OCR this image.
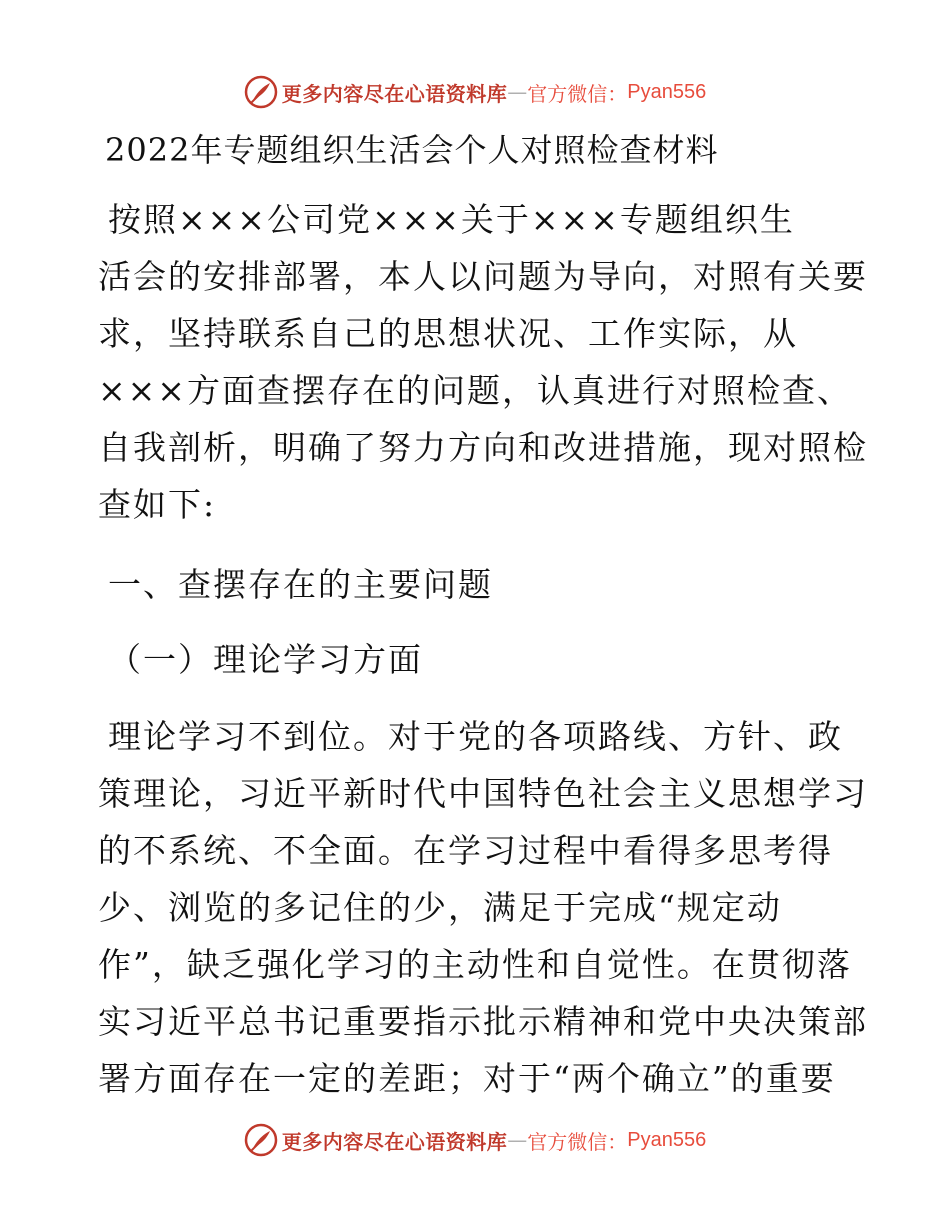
更多内容尽在心语资料库 — 官方微信： Pyan556
2022年专题组织生活会个人对照检查材料
按照×××公司党×××关于×××专题组织生
活会的安排部署，本人以问题为导向，对照有关要
求，坚持联系自己的思想状况、工作实际，从
×××方面查摆存在的问题，认真进行对照检查、
自我剖析，明确了努力方向和改进措施，现对照检
查如下:
一、查摆存在的主要问题
（一）理论学习方面
理论学习不到位。对于党的各项路线、方针、政
策理论，习近平新时代中国特色社会主义思想学习
的不系统、不全面。在学习过程中看得多思考得
少、浏览的多记住的少，满足于完成“规定动
作”，缺乏强化学习的主动性和自觉性。在贯彻落
实习近平总书记重要指示批示精神和党中央决策部
署方面存在一定的差距；对于“两个确立”的重要
更多内容尽在心语资料库 — 官方微信： Pyan556
